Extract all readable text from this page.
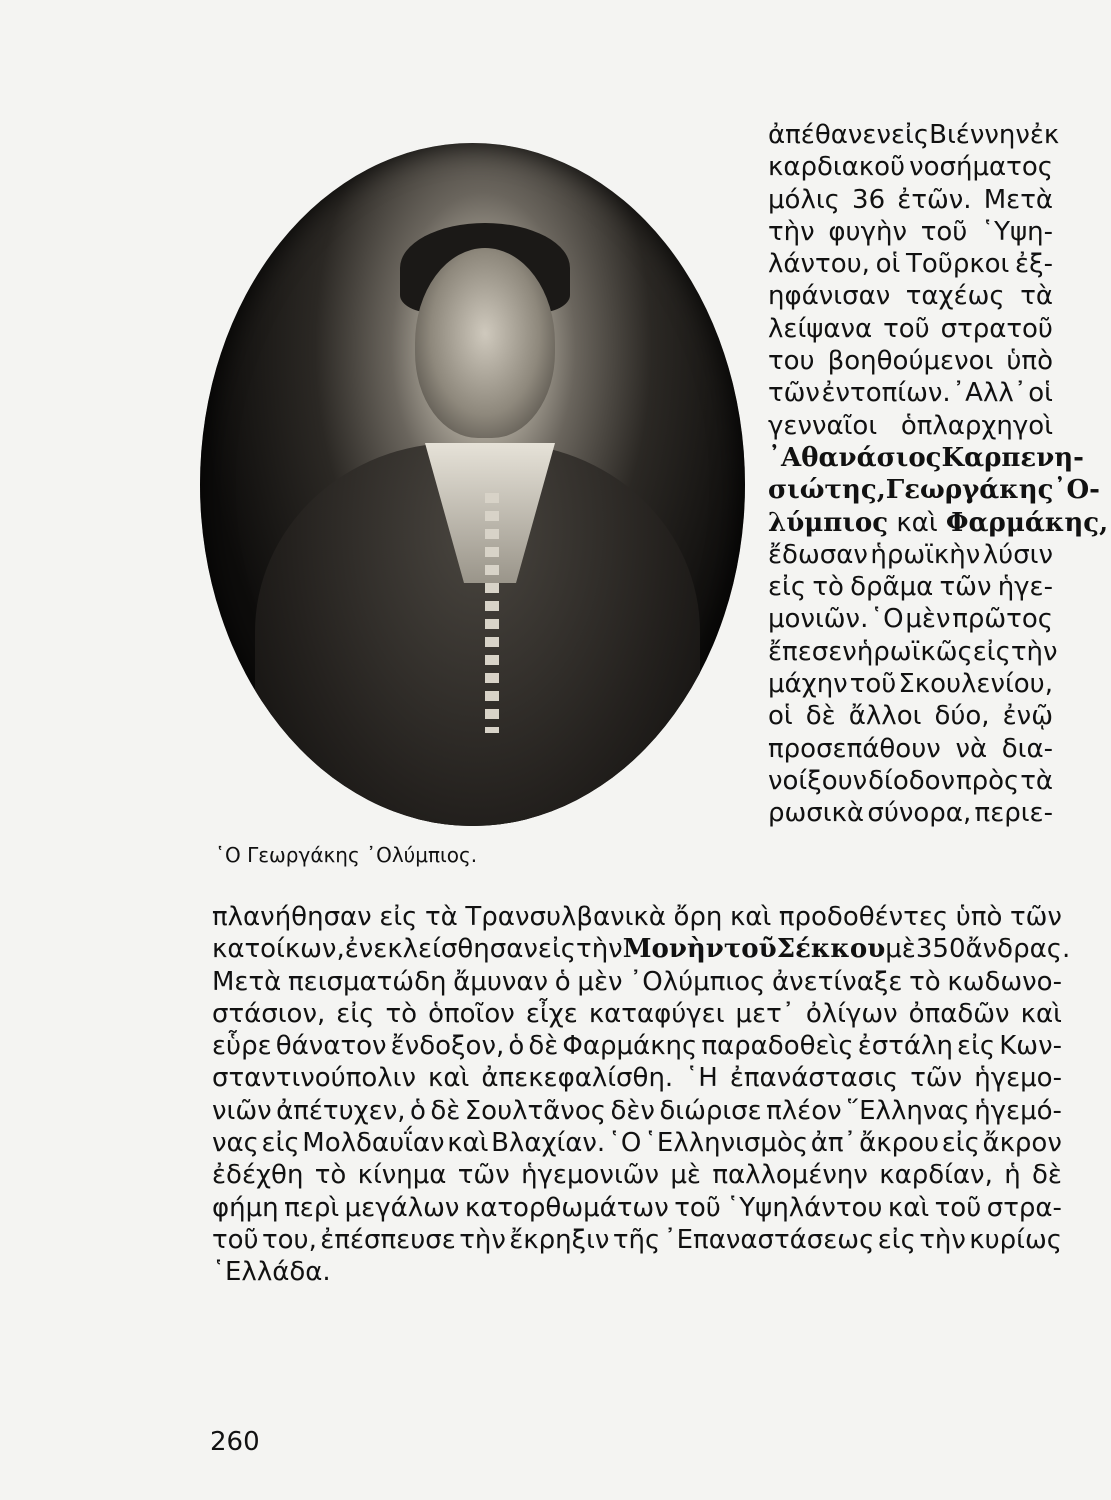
῾Ο Γεωργάκης ᾿Ολύμπιος.

ἀπέθανεν εἰς Βιέννην ἐκ

καρδιακοῦ νοσήματος

μόλις 36 ἐτῶν. Μετὰ

τὴν φυγὴν τοῦ ῾Υψη-

λάντου, οἱ Τοῦρκοι ἐξ-

ηφάνισαν ταχέως τὰ

λείψανα τοῦ στρατοῦ

του βοηθούμενοι ὑπὸ

τῶν ἐντοπίων. ᾿Αλλ᾿ οἱ

γενναῖοι ὁπλαρχηγοὶ

᾿Αθανάσιος Καρπενη-

σιώτης, Γεωργάκης ᾿Ο-

λύμπιος καὶ Φαρμάκης,

ἔδωσαν ἡρωϊκὴν λύσιν

εἰς τὸ δρᾶμα τῶν ἡγε-

μονιῶν. ῾Ο μὲν πρῶτος

ἔπεσεν ἡρωϊκῶς εἰς τὴν

μάχην τοῦ Σκουλενίου,

οἱ δὲ ἄλλοι δύο, ἐνῷ

προσεπάθουν νὰ δια-

νοίξουν δίοδον πρὸς τὰ

ρωσικὰ σύνορα, περιε-

πλανήθησαν εἰς τὰ Τρανσυλβανικὰ ὄρη καὶ προδοθέντες ὑπὸ τῶν

κατοίκων, ἐνεκλείσθησαν εἰς τὴν Μονὴν τοῦ Σέκκου μὲ 350 ἄνδρας.

Μετὰ πεισματώδη ἄμυναν ὁ μὲν ᾿Ολύμπιος ἀνετίναξε τὸ κωδωνο-

στάσιον, εἰς τὸ ὁποῖον εἶχε καταφύγει μετ᾿ ὀλίγων ὀπαδῶν καὶ

εὗρε θάνατον ἔνδοξον, ὁ δὲ Φαρμάκης παραδοθεὶς ἐστάλη εἰς Κων-

σταντινούπολιν καὶ ἀπεκεφαλίσθη. ῾Η ἐπανάστασις τῶν ἡγεμο-

νιῶν ἀπέτυχεν, ὁ δὲ Σουλτᾶνος δὲν διώρισε πλέον ῞Ελληνας ἡγεμό-

νας εἰς Μολδαυΐαν καὶ Βλαχίαν. ῾Ο ῾Ελληνισμὸς ἀπ᾿ ἄκρου εἰς ἄκρον

ἐδέχθη τὸ κίνημα τῶν ἡγεμονιῶν μὲ παλλομένην καρδίαν, ἡ δὲ

φήμη περὶ μεγάλων κατορθωμάτων τοῦ ῾Υψηλάντου καὶ τοῦ στρα-

τοῦ του, ἐπέσπευσε τὴν ἔκρηξιν τῆς ᾿Επαναστάσεως εἰς τὴν κυρίως

῾Ελλάδα.

260
